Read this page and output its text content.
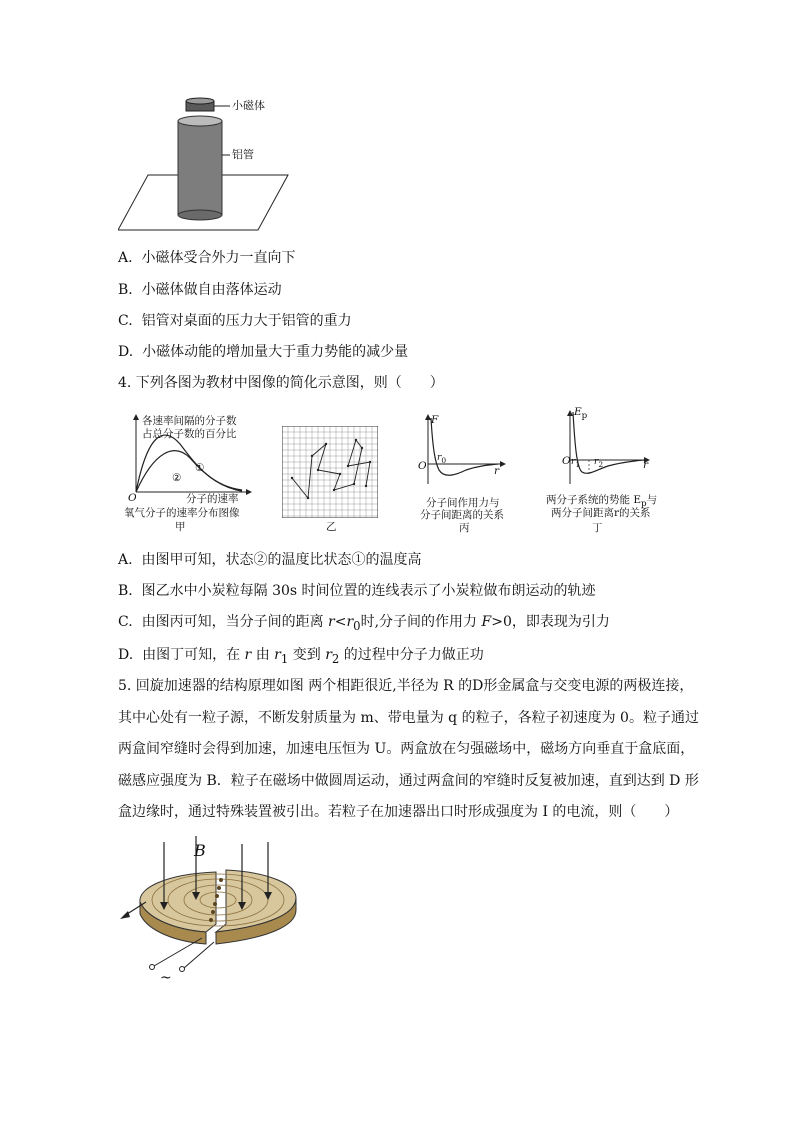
小磁体
铝管
A. 小磁体受合外力一直向下
B. 小磁体做自由落体运动
C. 铝管对桌面的压力大于铝管的重力
D. 小磁体动能的增加量大于重力势能的减少量
4. 下列各图为教材中图像的简化示意图，则（　　）
各速率间隔的分子数
占总分子数的百分比
①
②
O	分子的速率
氧气分子的速率分布图像
甲	乙
F
O
$r_0$
r
分子间作用力与
分子间距离的关系
丙
$E_p$
O $r_1$ $r_2$	r
两分子系统的势能 $E_p$与
两分子间距离r的关系
丁
A. 由图甲可知，状态②的温度比状态①的温度高
B. 图乙水中小炭粒每隔 30s 时间位置的连线表示了小炭粒做布朗运动的轨迹
C. 由图丙可知，当分子间的距离 $r<r_0$时,分子间的作用力 F>0，即表现为引力
D. 由图丁可知，在 r 由 $r_1$ 变到 $r_2$ 的过程中分子力做正功
5. 回旋加速器的结构原理如图 两个相距很近,半径为 R 的D形金属盒与交变电源的两极连接，
其中心处有一粒子源，不断发射质量为 m、带电量为 q 的粒子，各粒子初速度为 0。粒子通过
两盒间窄缝时会得到加速，加速电压恒为 U。两盒放在匀强磁场中，磁场方向垂直于盒底面，
磁感应强度为 B．粒子在磁场中做圆周运动，通过两盒间的窄缝时反复被加速，直到达到 D 形
盒边缘时，通过特殊装置被引出。若粒子在加速器出口时形成强度为 I 的电流，则（　　）
B
~
